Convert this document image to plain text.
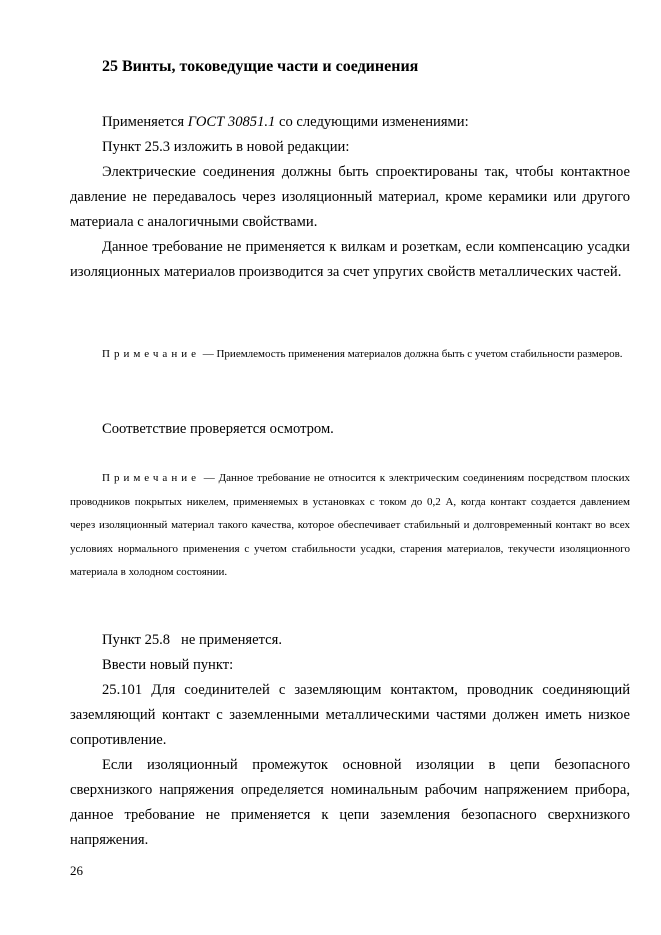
25 Винты, токоведущие части и соединения

Применяется ГОСТ 30851.1 со следующими изменениями:

Пункт 25.3 изложить в новой редакции:

Электрические соединения должны быть спроектированы так, чтобы контактное давление не передавалось через изоляционный материал, кроме керамики или другого материала с аналогичными свойствами.

Данное требование не применяется к вилкам и розеткам, если компенсацию усадки изоляционных материалов производится за счет упругих свойств металлических частей.

Примечание — Приемлемость применения материалов должна быть с учетом стабильности размеров.

Соответствие проверяется осмотром.

Примечание — Данное требование не относится к электрическим соединениям посредством плоских проводников покрытых никелем, применяемых в установках с током до 0,2 А, когда контакт создается давлением через изоляционный материал такого качества, которое обеспечивает стабильный и долговременный контакт во всех условиях нормального применения с учетом стабильности усадки, старения материалов, текучести изоляционного материала в холодном состоянии.

Пункт 25.8   не применяется.

Ввести новый пункт:

25.101 Для соединителей с заземляющим контактом, проводник соединяющий заземляющий контакт с заземленными металлическими частями должен иметь низкое сопротивление.

Если изоляционный промежуток основной изоляции в цепи безопасного сверхнизкого напряжения определяется номинальным рабочим напряжением прибора, данное требование не применяется к цепи заземления безопасного сверхнизкого напряжения.

26
